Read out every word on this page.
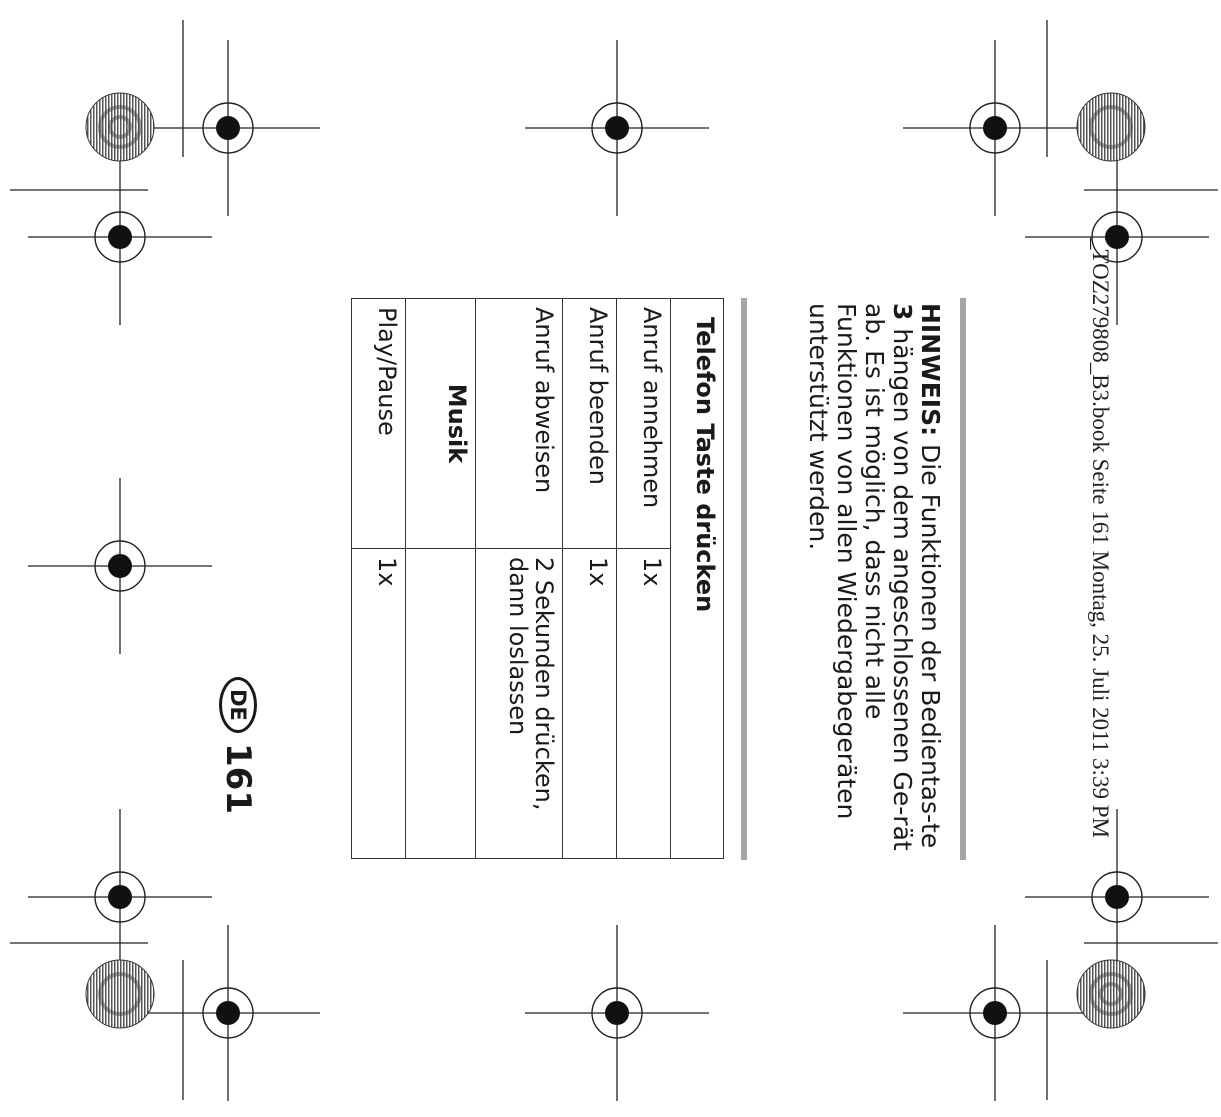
_TOZ279808_B3.book Seite 161 Montag, 25. Juli 2011 3:39 PM
HINWEIS: Die Funktionen der Bedientas-te 3 hängen von dem angeschlossenen Ge-rät ab. Es ist möglich, dass nicht alle Funktionen von allen Wiedergabegeräten unterstützt werden.
Telefon Taste drücken	
Anruf annehmen	1x
Anruf beenden	1x
Anruf abweisen	2 Sekunden drücken, dann loslassen
Musik	
Play/Pause	1x
DE
161
